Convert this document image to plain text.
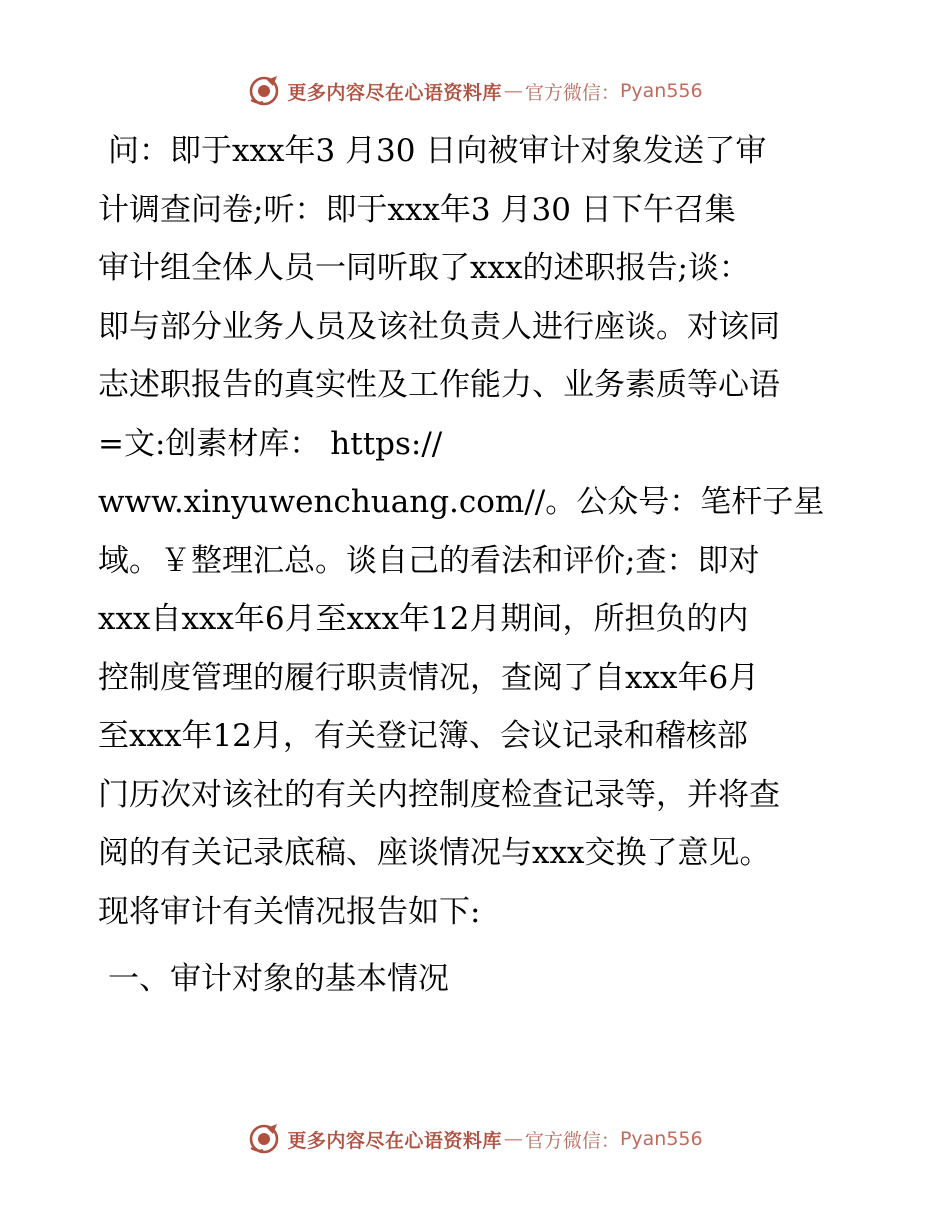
更多内容尽在心语资料库 — 官方微信： Pyan556
问：即于xxx年3 月30 日向被审计对象发送了审
计调查问卷;听：即于xxx年3 月30 日下午召集
审计组全体人员一同听取了xxx的述职报告;谈：
即与部分业务人员及该社负责人进行座谈。对该同
志述职报告的真实性及工作能力、业务素质等心语
=文:创素材库： https://
www.xinyuwenchuang.com//。公众号：笔杆子星
域。￥整理汇总。谈自己的看法和评价;查：即对
xxx自xxx年6月至xxx年12月期间，所担负的内
控制度管理的履行职责情况，查阅了自xxx年6月
至xxx年12月，有关登记簿、会议记录和稽核部
门历次对该社的有关内控制度检查记录等，并将查
阅的有关记录底稿、座谈情况与xxx交换了意见。
现将审计有关情况报告如下:
一、审计对象的基本情况
更多内容尽在心语资料库 — 官方微信： Pyan556
